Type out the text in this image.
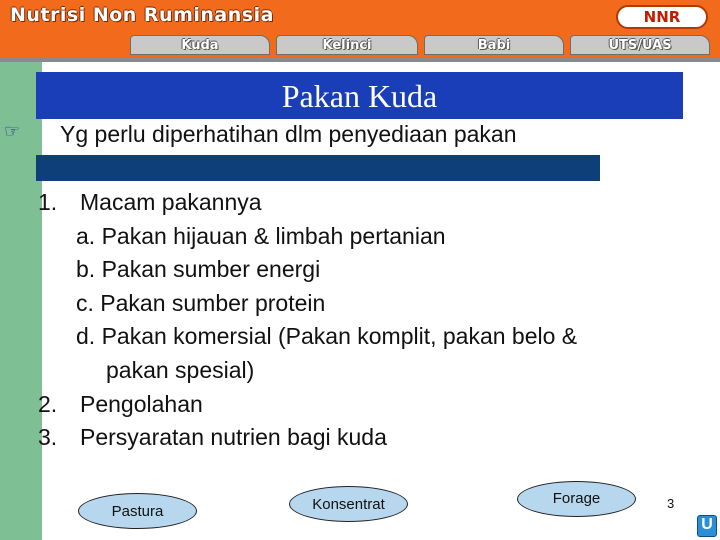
Nutrisi Non Ruminansia	NNR
Kuda	Kelinci	Babi	UTS/UAS
Pakan Kuda
☞ Yg perlu diperhatihan dlm penyediaan pakan
1. Macam pakannya
a. Pakan hijauan & limbah pertanian
b. Pakan sumber energi
c. Pakan sumber protein
d. Pakan komersial (Pakan komplit, pakan belo &
pakan spesial)
2. Pengolahan
3. Persyaratan nutrien bagi kuda
Pastura	Konsentrat	Forage	3
U
